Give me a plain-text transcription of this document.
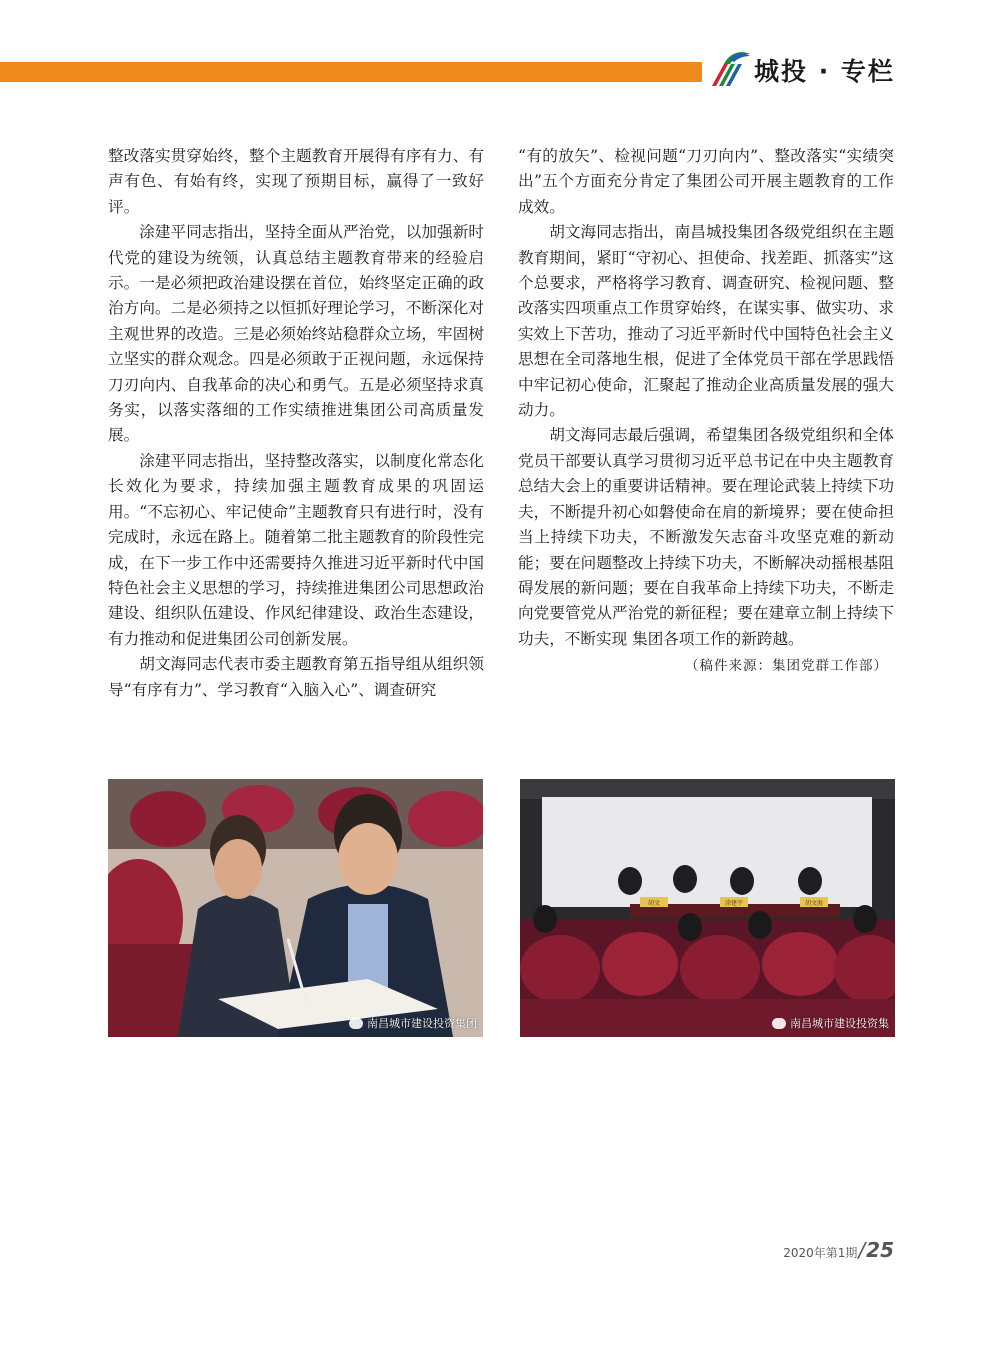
城投 · 专栏

整改落实贯穿始终，整个主题教育开展得有序有力、有声有色、有始有终，实现了预期目标，赢得了一致好评。

涂建平同志指出，坚持全面从严治党，以加强新时代党的建设为统领，认真总结主题教育带来的经验启示。一是必须把政治建设摆在首位，始终坚定正确的政治方向。二是必须持之以恒抓好理论学习，不断深化对主观世界的改造。三是必须始终站稳群众立场，牢固树立坚实的群众观念。四是必须敢于正视问题，永远保持刀刃向内、自我革命的决心和勇气。五是必须坚持求真务实，以落实落细的工作实绩推进集团公司高质量发展。

涂建平同志指出，坚持整改落实，以制度化常态化长效化为要求，持续加强主题教育成果的巩固运用。“不忘初心、牢记使命”主题教育只有进行时，没有完成时，永远在路上。随着第二批主题教育的阶段性完成，在下一步工作中还需要持久推进习近平新时代中国特色社会主义思想的学习，持续推进集团公司思想政治建设、组织队伍建设、作风纪律建设、政治生态建设，有力推动和促进集团公司创新发展。

胡文海同志代表市委主题教育第五指导组从组织领导“有序有力”、学习教育“入脑入心”、调查研究

“有的放矢”、检视问题“刀刃向内”、整改落实“实绩突出”五个方面充分肯定了集团公司开展主题教育的工作成效。

胡文海同志指出，南昌城投集团各级党组织在主题教育期间，紧盯“守初心、担使命、找差距、抓落实”这个总要求，严格将学习教育、调查研究、检视问题、整改落实四项重点工作贯穿始终，在谋实事、做实功、求实效上下苦功，推动了习近平新时代中国特色社会主义思想在全司落地生根，促进了全体党员干部在学思践悟中牢记初心使命，汇聚起了推动企业高质量发展的强大动力。

胡文海同志最后强调，希望集团各级党组织和全体党员干部要认真学习贯彻习近平总书记在中央主题教育总结大会上的重要讲话精神。要在理论武装上持续下功夫，不断提升初心如磐使命在肩的新境界；要在使命担当上持续下功夫，不断激发矢志奋斗攻坚克难的新动能；要在问题整改上持续下功夫，不断解决动摇根基阻碍发展的新问题；要在自我革命上持续下功夫，不断走向党要管党从严治党的新征程；要在建章立制上持续下功夫，不断实现 集团各项工作的新跨越。

（稿件来源：集团党群工作部）

南昌城市建设投资集团
胡文	涂建平	胡文海
南昌城市建设投资集
2020年第1期 / 25
